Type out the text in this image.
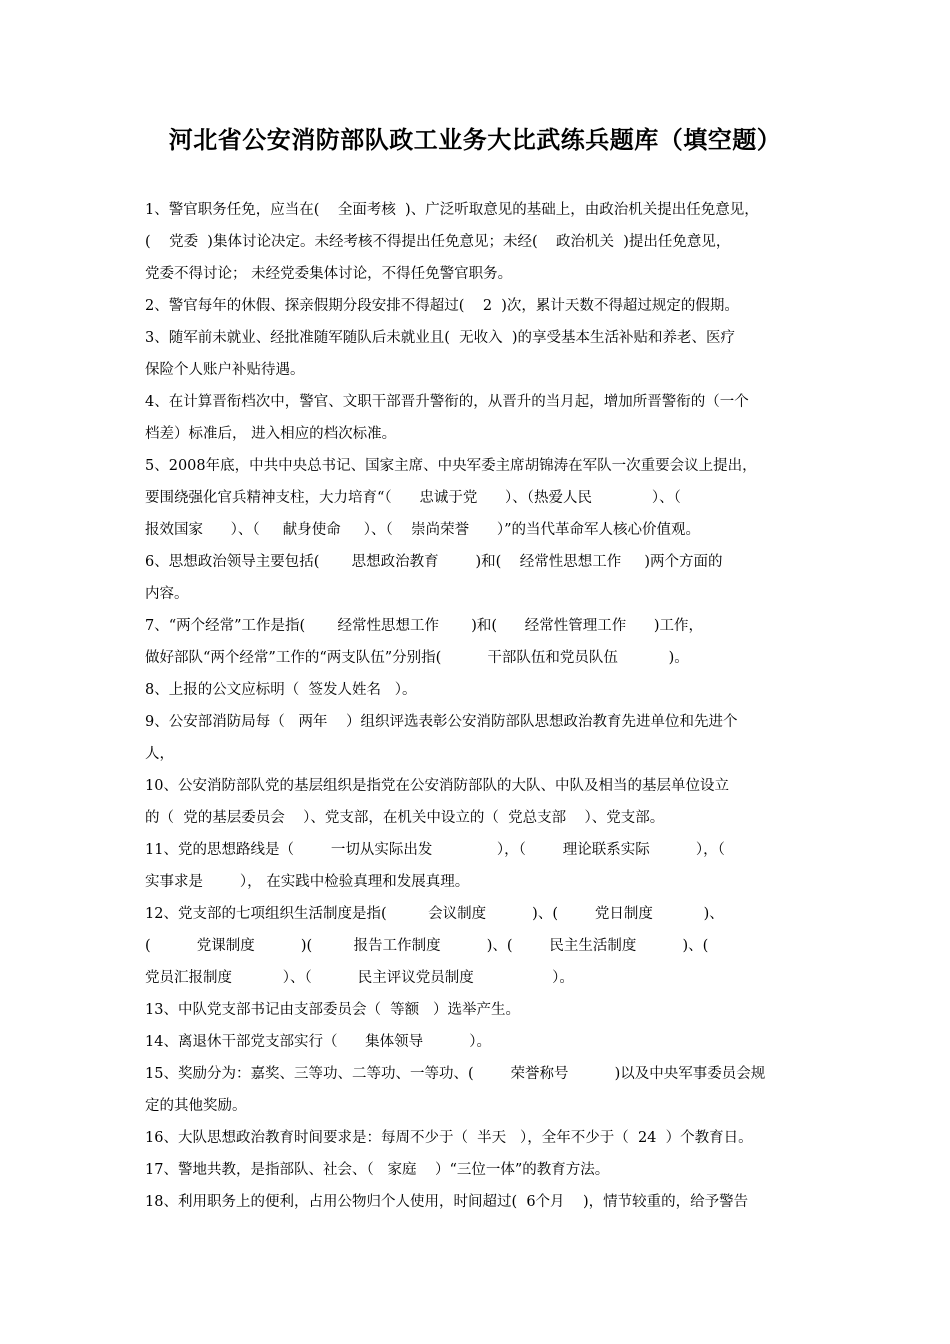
河北省公安消防部队政工业务大比武练兵题库（填空题）
1、警官职务任免，应当在(    全面考核  )、广泛听取意见的基础上，由政治机关提出任免意见，
(    党委  )集体讨论决定。未经考核不得提出任免意见；未经(    政治机关  )提出任免意见，
党委不得讨论； 未经党委集体讨论，不得任免警官职务。
2、警官每年的休假、探亲假期分段安排不得超过(    2  )次，累计天数不得超过规定的假期。
3、随军前未就业、经批准随军随队后未就业且(  无收入  )的享受基本生活补贴和养老、医疗
保险个人账户补贴待遇。
4、在计算晋衔档次中，警官、文职干部晋升警衔的，从晋升的当月起，增加所晋警衔的（一个
档差）标准后， 进入相应的档次标准。
5、2008年底，中共中央总书记、国家主席、中央军委主席胡锦涛在军队一次重要会议上提出，
要围绕强化官兵精神支柱，大力培育“（      忠诚于党      ）、（热爱人民             ）、（
报效国家      ）、（     献身使命     ）、（    崇尚荣誉      ）”的当代革命军人核心价值观。
6、思想政治领导主要包括(       思想政治教育        )和(    经常性思想工作     )两个方面的
内容。
7、“两个经常”工作是指(       经常性思想工作       )和(      经常性管理工作      )工作，
做好部队“两个经常”工作的“两支队伍”分别指(          干部队伍和党员队伍           )。
8、上报的公文应标明（  签发人姓名   ）。
9、公安部消防局每（   两年    ）组织评选表彰公安消防部队思想政治教育先进单位和先进个
人，
10、公安消防部队党的基层组织是指党在公安消防部队的大队、中队及相当的基层单位设立
的（  党的基层委员会    ）、党支部，在机关中设立的（  党总支部    ）、党支部。
11、党的思想路线是（        一切从实际出发              ），（        理论联系实际          ），（
实事求是        ）， 在实践中检验真理和发展真理。
12、党支部的七项组织生活制度是指(         会议制度          )、(        党日制度           )、
(          党课制度          )(         报告工作制度          )、(        民主生活制度          )、(
党员汇报制度           ）、（          民主评议党员制度                 ）。
13、中队党支部书记由支部委员会（  等额   ）选举产生。
14、离退休干部党支部实行（      集体领导          ）。
15、奖励分为：嘉奖、三等功、二等功、一等功、(        荣誉称号          )以及中央军事委员会规
定的其他奖励。
16、大队思想政治教育时间要求是：每周不少于（  半天   ），全年不少于（  24  ）个教育日。
17、警地共教，是指部队、社会、（   家庭    ）“三位一体”的教育方法。
18、利用职务上的便利，占用公物归个人使用，时间超过(  6个月    )，情节较重的，给予警告
